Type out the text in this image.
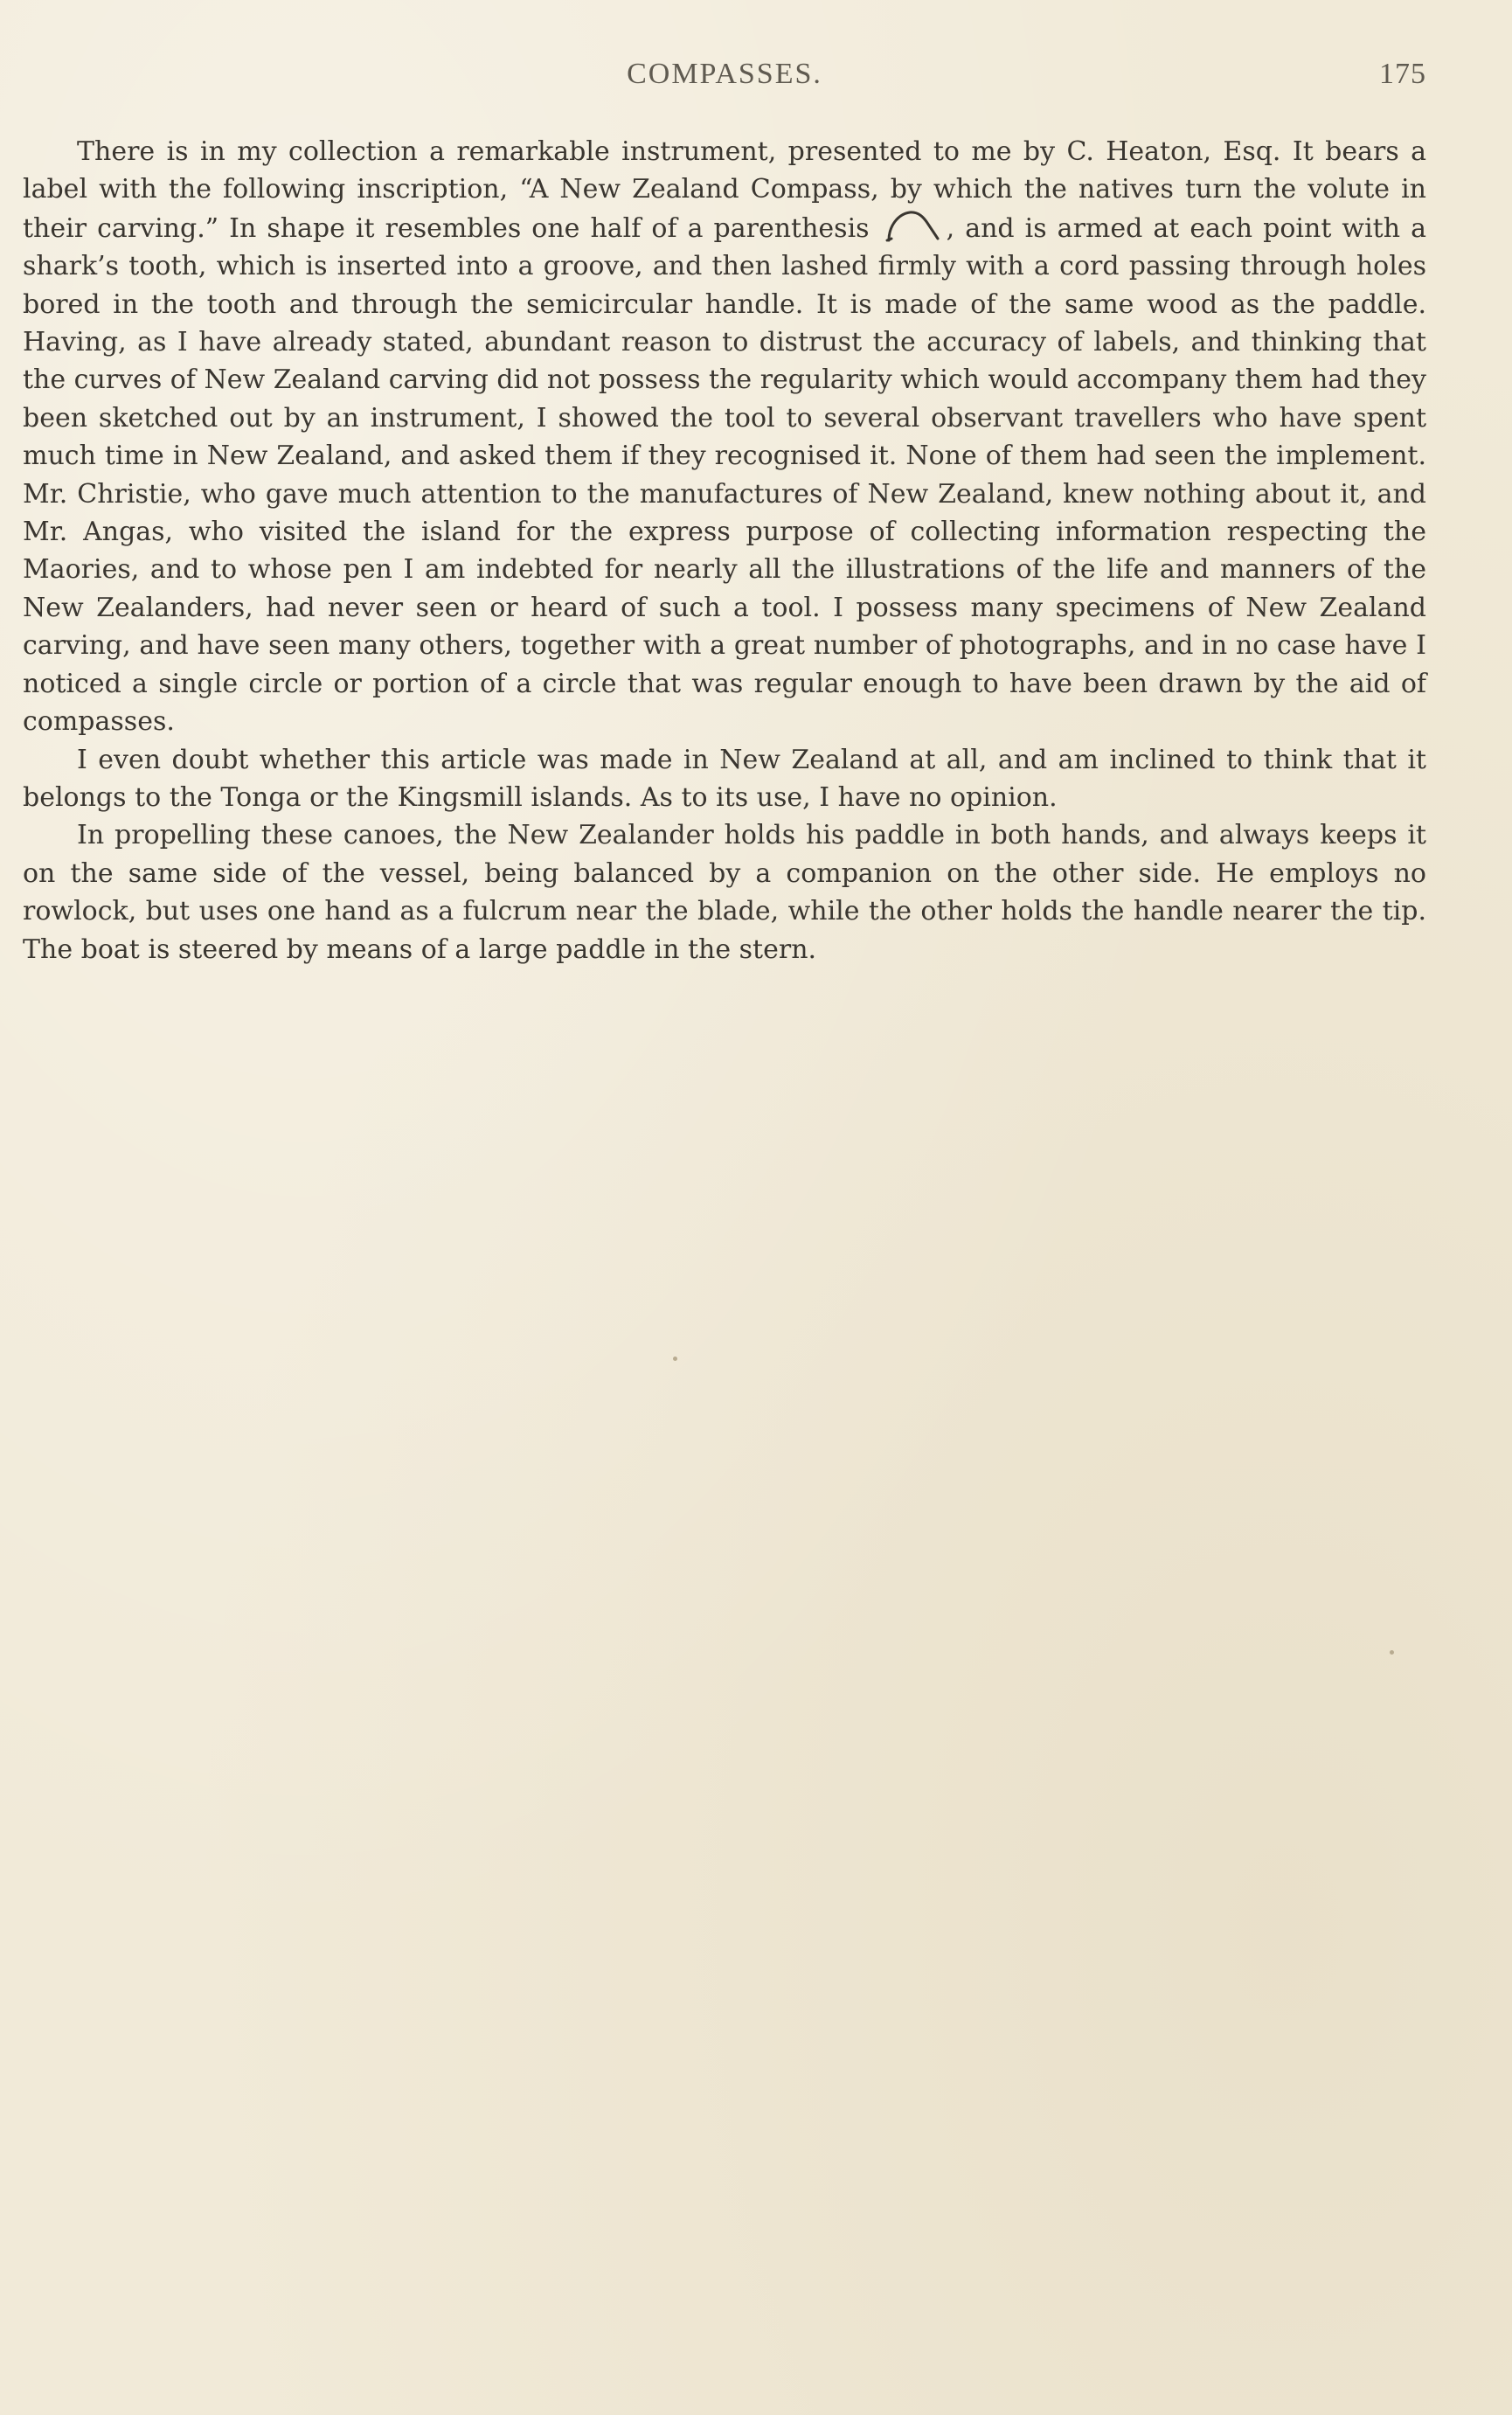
COMPASSES.	175

There is in my collection a remarkable instrument, presented to me by C. Heaton, Esq. It bears a label with the following inscription, “A New Zealand Compass, by which the natives turn the volute in their carving.” In shape it resembles one half of a parenthesis	, and is armed at each point with a shark’s tooth, which is inserted into a groove, and then lashed firmly with a cord passing through holes bored in the tooth and through the semicircular handle. It is made of the same wood as the paddle. Having, as I have already stated, abundant reason to distrust the accuracy of labels, and thinking that the curves of New Zealand carving did not possess the regularity which would accompany them had they been sketched out by an instrument, I showed the tool to several observant travellers who have spent much time in New Zealand, and asked them if they recognised it. None of them had seen the implement. Mr. Christie, who gave much attention to the manufactures of New Zealand, knew nothing about it, and Mr. Angas, who visited the island for the express purpose of collecting information respecting the Maories, and to whose pen I am indebted for nearly all the illustrations of the life and manners of the New Zealanders, had never seen or heard of such a tool. I possess many specimens of New Zealand carving, and have seen many others, together with a great number of photographs, and in no case have I noticed a single circle or portion of a circle that was regular enough to have been drawn by the aid of compasses.

I even doubt whether this article was made in New Zealand at all, and am inclined to think that it belongs to the Tonga or the Kingsmill islands. As to its use, I have no opinion.

In propelling these canoes, the New Zealander holds his paddle in both hands, and always keeps it on the same side of the vessel, being balanced by a companion on the other side. He employs no rowlock, but uses one hand as a fulcrum near the blade, while the other holds the handle nearer the tip. The boat is steered by means of a large paddle in the stern.
